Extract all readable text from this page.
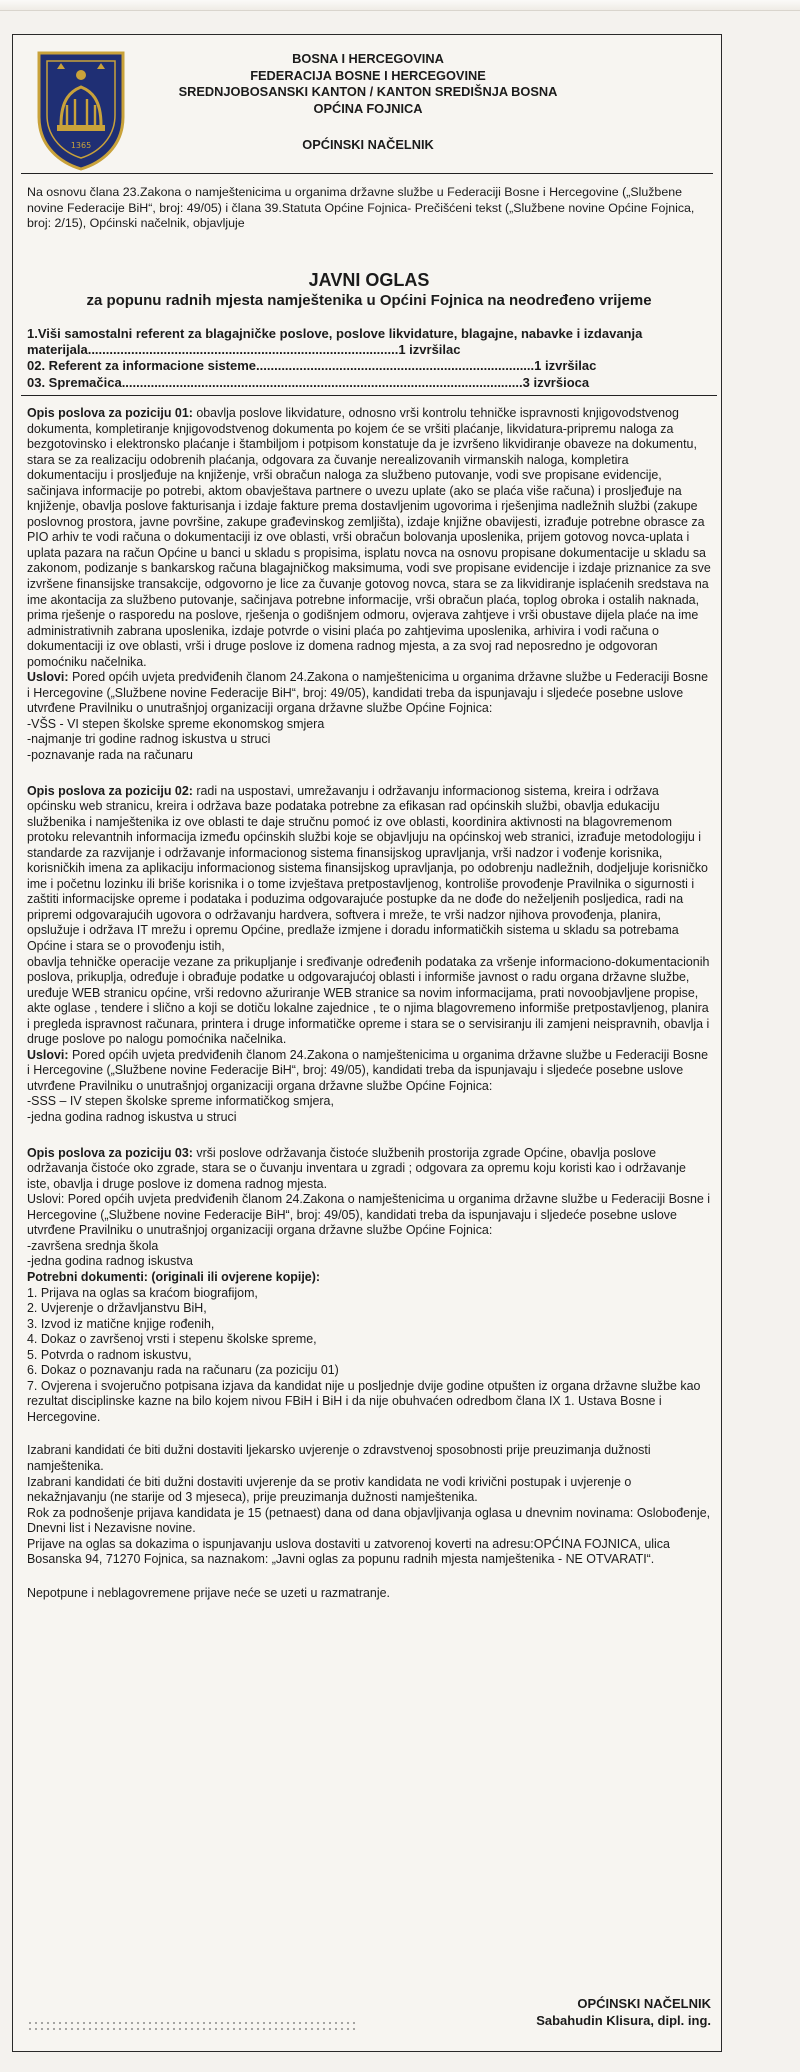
1365
BOSNA I HERCEGOVINA
FEDERACIJA BOSNE I HERCEGOVINE
SREDNJOBOSANSKI KANTON / KANTON SREDIŠNJA BOSNA
OPĆINA FOJNICA
OPĆINSKI NAČELNIK

Na osnovu člana 23.Zakona o namještenicima u organima državne službe u Federaciji Bosne i Hercegovine („Službene novine Federacije BiH“, broj: 49/05) i člana 39.Statuta Općine Fojnica- Prečišćeni tekst („Službene novine Općine Fojnica, broj: 2/15), Općinski načelnik, objavljuje

JAVNI OGLAS
za popunu radnih mjesta namještenika u Općini Fojnica na neodređeno vrijeme
1.Viši samostalni referent za blagajničke poslove, poslove likvidature, blagajne, nabavke i izdavanja materijala......................................................................................1 izvršilac
02. Referent za informacione sisteme.............................................................................1 izvršilac
03. Spremačica...............................................................................................................3 izvršioca

Opis poslova za poziciju 01: obavlja poslove likvidature, odnosno vrši kontrolu tehničke ispravnosti knjigovodstvenog dokumenta, kompletiranje knjigovodstvenog dokumenta po kojem će se vršiti plaćanje, likvidatura-pripremu naloga za bezgotovinsko i elektronsko plaćanje i štambiljom i potpisom konstatuje da je izvršeno likvidiranje obaveze na dokumentu, stara se za realizaciju odobrenih plaćanja, odgovara za čuvanje nerealizovanih virmanskih naloga, kompletira dokumentaciju i prosljeđuje na knjiženje, vrši obračun naloga za službeno putovanje, vodi sve propisane evidencije, sačinjava informacije po potrebi, aktom obavještava partnere o uvezu uplate (ako se plaća više računa) i prosljeđuje na knjiženje, obavlja poslove fakturisanja i izdaje fakture prema dostavljenim ugovorima i rješenjima nadležnih službi (zakupe poslovnog prostora, javne površine, zakupe građevinskog zemljišta), izdaje knjižne obavijesti, izrađuje potrebne obrasce za PIO arhiv te vodi računa o dokumentaciji iz ove oblasti, vrši obračun bolovanja uposlenika, prijem gotovog novca-uplata i uplata pazara na račun Općine u banci u skladu s propisima, isplatu novca na osnovu propisane dokumentacije u skladu sa zakonom, podizanje s bankarskog računa blagajničkog maksimuma, vodi sve propisane evidencije i izdaje priznanice za sve izvršene finansijske transakcije, odgovorno je lice za čuvanje gotovog novca, stara se za likvidiranje isplaćenih sredstava na ime akontacija za službeno putovanje, sačinjava potrebne informacije, vrši obračun plaća, toplog obroka i ostalih naknada, prima rješenje o rasporedu na poslove, rješenja o godišnjem odmoru, ovjerava zahtjeve i vrši obustave dijela plaće na ime administrativnih zabrana uposlenika, izdaje potvrde o visini plaća po zahtjevima uposlenika, arhivira i vodi računa o dokumentaciji iz ove oblasti, vrši i druge poslove iz domena radnog mjesta, a za svoj rad neposredno je odgovoran pomoćniku načelnika.

Uslovi: Pored općih uvjeta predviđenih članom 24.Zakona o namještenicima u organima državne službe u Federaciji Bosne i Hercegovine („Službene novine Federacije BiH“, broj: 49/05), kandidati treba da ispunjavaju i sljedeće posebne uslove utvrđene Pravilniku o unutrašnjoj organizaciji organa državne službe Općine Fojnica:

-VŠS - VI stepen školske spreme ekonomskog smjera

-najmanje tri godine radnog iskustva u struci

-poznavanje rada na računaru

Opis poslova za poziciju 02: radi na uspostavi, umrežavanju i održavanju informacionog sistema, kreira i održava općinsku web stranicu, kreira i održava baze podataka potrebne za efikasan rad općinskih službi, obavlja edukaciju službenika i namještenika iz ove oblasti te daje stručnu pomoć iz ove oblasti, koordinira aktivnosti na blagovremenom protoku relevantnih informacija između općinskih službi koje se objavljuju na općinskoj web stranici, izrađuje metodologiju i standarde za razvijanje i održavanje informacionog sistema finansijskog upravljanja, vrši nadzor i vođenje korisnika, korisničkih imena za aplikaciju informacionog sistema finansijskog upravljanja, po odobrenju nadležnih, dodjeljuje korisničko ime i početnu lozinku ili briše korisnika i o tome izvještava pretpostavljenog, kontroliše provođenje Pravilnika o sigurnosti i zaštiti informacijske opreme i podataka i poduzima odgovarajuće postupke da ne dođe do neželjenih posljedica, radi na pripremi odgovarajućih ugovora o održavanju hardvera, softvera i mreže, te vrši nadzor njihova provođenja, planira, opslužuje i održava IT mrežu i opremu Općine, predlaže izmjene i doradu informatičkih sistema u skladu sa potrebama Općine i stara se o provođenju istih,

obavlja tehničke operacije vezane za prikupljanje i sređivanje određenih podataka za vršenje informaciono-dokumentacionih poslova, prikuplja, određuje i obrađuje podatke u odgovarajućoj oblasti i informiše javnost o radu organa državne službe, uređuje WEB stranicu općine, vrši redovno ažuriranje WEB stranice sa novim informacijama, prati novoobjavljene propise, akte oglase , tendere i slično a koji se dotiču lokalne zajednice , te o njima blagovremeno informiše pretpostavljenog, planira i pregleda ispravnost računara, printera i druge informatičke opreme i stara se o servisiranju ili zamjeni neispravnih, obavlja i druge poslove po nalogu pomoćnika načelnika.

Uslovi: Pored općih uvjeta predviđenih članom 24.Zakona o namještenicima u organima državne službe u Federaciji Bosne i Hercegovine („Službene novine Federacije BiH“, broj: 49/05), kandidati treba da ispunjavaju i sljedeće posebne uslove utvrđene Pravilniku o unutrašnjoj organizaciji organa državne službe Općine Fojnica:

-SSS – IV stepen školske spreme informatičkog smjera,

-jedna godina radnog iskustva u struci

Opis poslova za poziciju 03: vrši poslove održavanja čistoće službenih prostorija zgrade Općine, obavlja poslove održavanja čistoće oko zgrade, stara se o čuvanju inventara u zgradi ; odgovara za opremu koju koristi kao i održavanje iste, obavlja i druge poslove iz domena radnog mjesta.

Uslovi: Pored općih uvjeta predviđenih članom 24.Zakona o namještenicima u organima državne službe u Federaciji Bosne i Hercegovine („Službene novine Federacije BiH“, broj: 49/05), kandidati treba da ispunjavaju i sljedeće posebne uslove utvrđene Pravilniku o unutrašnjoj organizaciji organa državne službe Općine Fojnica:

-završena srednja škola

-jedna godina radnog iskustva

Potrebni dokumenti: (originali ili ovjerene kopije):

1. Prijava na oglas sa kraćom biografijom,

2. Uvjerenje o državljanstvu BiH,

3. Izvod iz matične knjige rođenih,

4. Dokaz o završenoj vrsti i stepenu školske spreme,

5. Potvrda o radnom iskustvu,

6. Dokaz o poznavanju rada na računaru (za poziciju 01)

7. Ovjerena i svojeručno potpisana izjava da kandidat nije u posljednje dvije godine otpušten iz organa državne službe kao rezultat disciplinske kazne na bilo kojem nivou FBiH i BiH i da nije obuhvaćen odredbom člana IX 1. Ustava Bosne i Hercegovine.

Izabrani kandidati će biti dužni dostaviti ljekarsko uvjerenje o zdravstvenoj sposobnosti prije preuzimanja dužnosti namještenika.

Izabrani kandidati će biti dužni dostaviti uvjerenje da se protiv kandidata ne vodi krivični postupak i uvjerenje o nekažnjavanju (ne starije od 3 mjeseca), prije preuzimanja dužnosti namještenika.

Rok za podnošenje prijava kandidata je 15 (petnaest) dana od dana objavljivanja oglasa u dnevnim novinama: Oslobođenje, Dnevni list i Nezavisne novine.

Prijave na oglas sa dokazima o ispunjavanju uslova dostaviti u zatvorenoj koverti na adresu:OPĆINA FOJNICA, ulica Bosanska 94, 71270 Fojnica, sa naznakom: „Javni oglas za popunu radnih mjesta namještenika - NE OTVARATI“.

Nepotpune i neblagovremene prijave neće se uzeti u razmatranje.

OPĆINSKI NAČELNIK
Sabahudin Klisura, dipl. ing.
